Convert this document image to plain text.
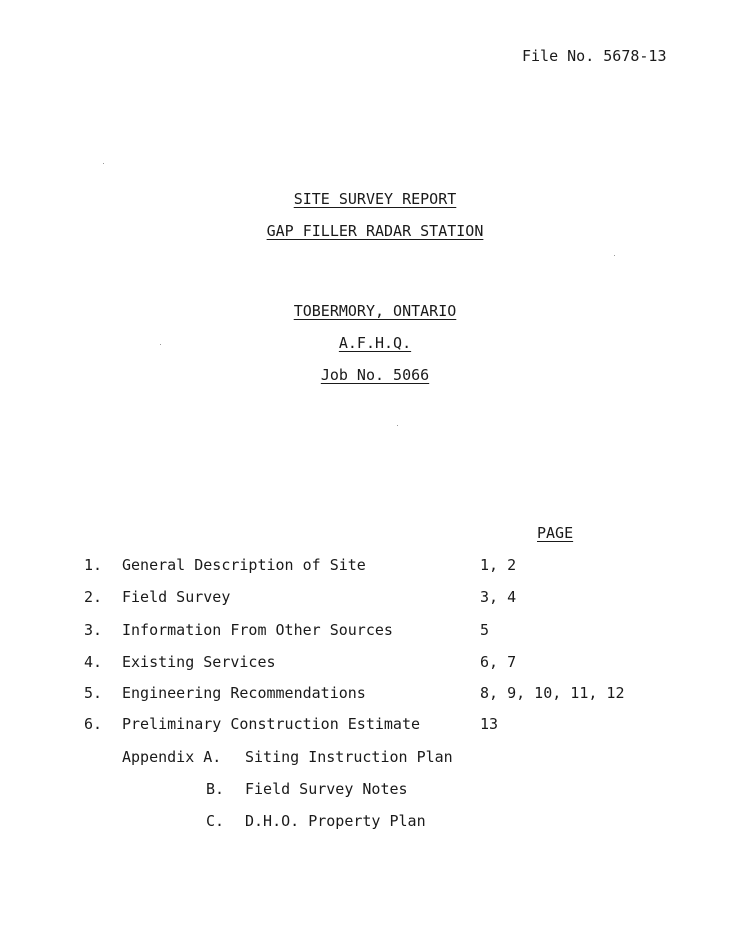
File No. 5678-13
SITE SURVEY REPORT
GAP FILLER RADAR STATION
TOBERMORY, ONTARIO
A.F.H.Q.
Job No. 5066
PAGE
1. General Description of Site	1, 2
2. Field Survey	3, 4
3. Information From Other Sources	5
4. Existing Services	6, 7
5. Engineering Recommendations	8, 9, 10, 11, 12
6. Preliminary Construction Estimate	13
Appendix A. Siting Instruction Plan
B. Field Survey Notes
C. D.H.O. Property Plan
